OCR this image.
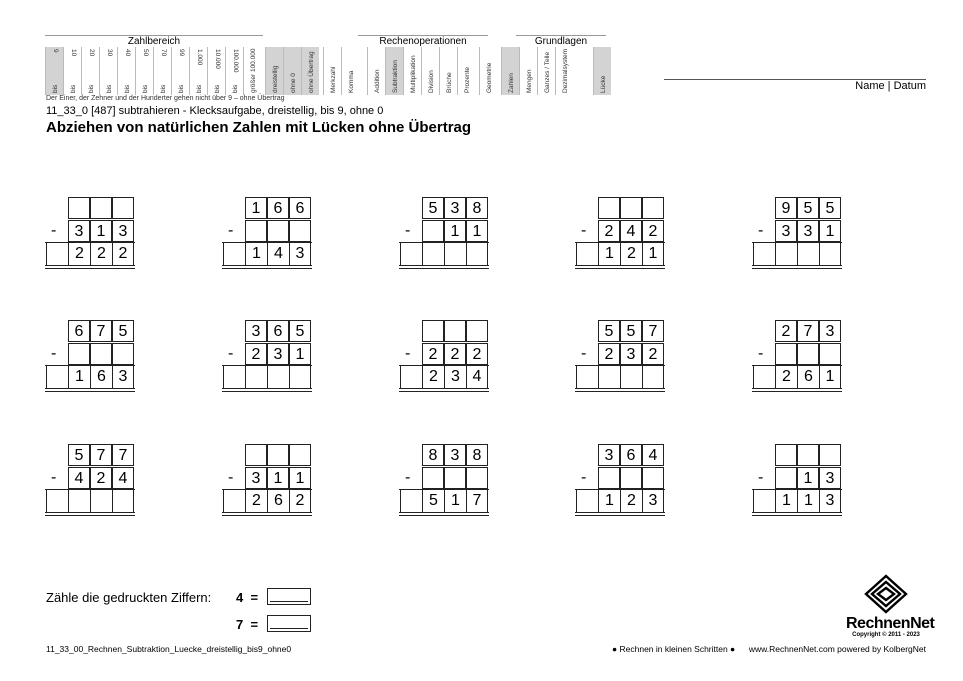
Zahlbereich	Rechenoperationen	Grundlagen
9
bis
10
bis
20
bis
30
bis
40
bis
50
bis
70
bis
99
bis
1.000
bis
10.000
bis
100.000
bis größer 100.000 dreistellig ohne 0 ohne Übertrag Merkzahl Komma	Addition Subtraktion Multiplikation Division Brüche Prozente Geometrie Zahlen Mengen Ganzes / Teile Dezimalsystem	Lücke	Name | Datum
Der Einer, der Zehner und der Hunderter gehen nicht über 9 – ohne Übertrag
11_33_0 [487] subtrahieren - Klecksaufgabe, dreistellig, bis 9, ohne 0
Abziehen von natürlichen Zahlen mit Lücken ohne Übertrag
3 1 3
2 2 2
-
1 6 6
1 4 3
-
5 3 8
1 1
-	2 4 2
1 2 1
-
9 5 5
3 3 1
-
6 7 5
1 6 3
-
3 6 5
2 3 1
-	2 2 2
2 3 4
-
5 5 7
2 3 2
-
2 7 3
2 6 1
-
5 7 7
4 2 4
-	3 1 1
2 6 2
-
8 3 8
5 1 7
-
3 6 4
1 2 3
-	1 3
1 1 3
-
Zähle die gedruckten Ziffern: 4 =
7 =	RechnenNet
Copyright © 2011 - 2023
11_33_00_Rechnen_Subtraktion_Luecke_dreistellig_bis9_ohne0	● Rechnen in kleinen Schritten ● www.RechnenNet.com powered by KolbergNet
